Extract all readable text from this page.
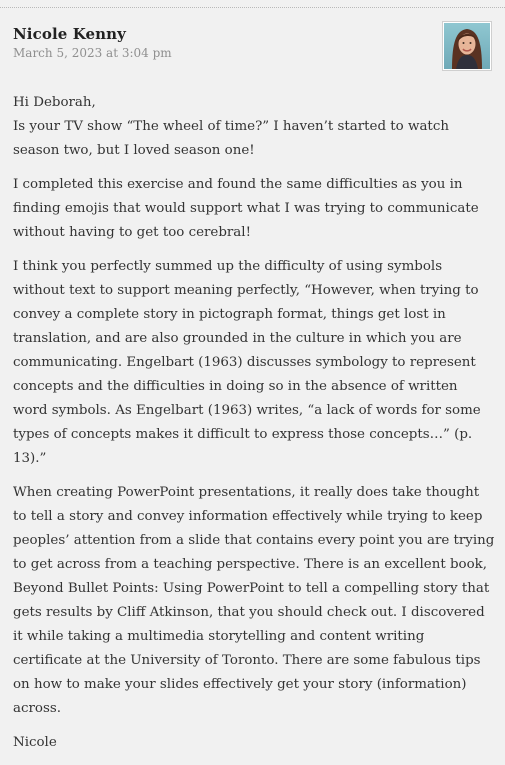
Nicole Kenny
March 5, 2023 at 3:04 pm

Hi Deborah,

Is your TV show “The wheel of time?” I haven’t started to watch season two, but I loved season one!

I completed this exercise and found the same difficulties as you in finding emojis that would support what I was trying to communicate without having to get too cerebral!

I think you perfectly summed up the difficulty of using symbols without text to support meaning perfectly, “However, when trying to convey a complete story in pictograph format, things get lost in translation, and are also grounded in the culture in which you are communicating. Engelbart (1963) discusses symbology to represent concepts and the difficulties in doing so in the absence of written word symbols. As Engelbart (1963) writes, “a lack of words for some types of concepts makes it difficult to express those concepts…” (p. 13).”

When creating PowerPoint presentations, it really does take thought to tell a story and convey information effectively while trying to keep peoples’ attention from a slide that contains every point you are trying to get across from a teaching perspective. There is an excellent book, Beyond Bullet Points: Using PowerPoint to tell a compelling story that gets results by Cliff Atkinson, that you should check out. I discovered it while taking a multimedia storytelling and content writing certificate at the University of Toronto. There are some fabulous tips on how to make your slides effectively get your story (information) across.

Nicole
